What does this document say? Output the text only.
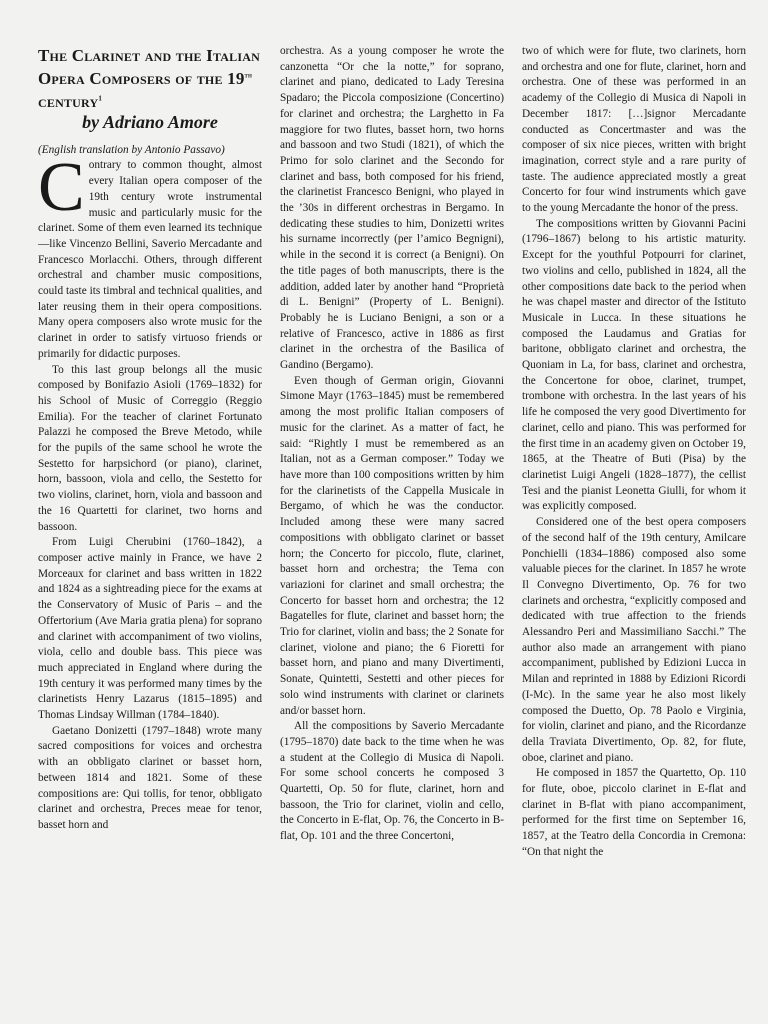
The Clarinet and the Italian
Opera Composers of the 19th
century$^1$
by Adriano Amore

(English translation by Antonio Passavo)

Contrary to common thought, almost every Italian opera composer of the 19th century wrote instrumental music and particularly music for the clarinet. Some of them even learned its technique—like Vincenzo Bellini, Saverio Mercadante and Francesco Morlacchi. Others, through different orchestral and chamber music compositions, could taste its timbral and technical qualities, and later reusing them in their opera compositions. Many opera composers also wrote music for the clarinet in order to satisfy virtuoso friends or primarily for didactic purposes.

To this last group belongs all the music composed by Bonifazio Asioli (1769–1832) for his School of Music of Correggio (Reggio Emilia). For the teacher of clarinet Fortunato Palazzi he composed the Breve Metodo, while for the pupils of the same school he wrote the Sestetto for harpsichord (or piano), clarinet, horn, bassoon, viola and cello, the Sestetto for two violins, clarinet, horn, viola and bassoon and the 16 Quartetti for clarinet, two horns and bassoon.

From Luigi Cherubini (1760–1842), a composer active mainly in France, we have 2 Morceaux for clarinet and bass written in 1822 and 1824 as a sightreading piece for the exams at the Conservatory of Music of Paris – and the Offertorium (Ave Maria gratia plena) for soprano and clarinet with accompaniment of two violins, viola, cello and double bass. This piece was much appreciated in England where during the 19th century it was performed many times by the clarinetists Henry Lazarus (1815–1895) and Thomas Lindsay Willman (1784–1840).

Gaetano Donizetti (1797–1848) wrote many sacred compositions for voices and orchestra with an obbligato clarinet or basset horn, between 1814 and 1821. Some of these compositions are: Qui tollis, for tenor, obbligato clarinet and orchestra, Preces meae for tenor, basset horn and

orchestra. As a young composer he wrote the canzonetta “Or che la notte,” for soprano, clarinet and piano, dedicated to Lady Teresina Spadaro; the Piccola composizione (Concertino) for clarinet and orchestra; the Larghetto in Fa maggiore for two flutes, basset horn, two horns and bassoon and two Studi (1821), of which the Primo for solo clarinet and the Secondo for clarinet and bass, both composed for his friend, the clarinetist Francesco Benigni, who played in the ’30s in different orchestras in Bergamo. In dedicating these studies to him, Donizetti writes his surname incorrectly (per l’amico Begnigni), while in the second it is correct (a Benigni). On the title pages of both manuscripts, there is the addition, added later by another hand “Proprietà di L. Benigni” (Property of L. Benigni). Probably he is Luciano Benigni, a son or a relative of Francesco, active in 1886 as first clarinet in the orchestra of the Basilica of Gandino (Bergamo).

Even though of German origin, Giovanni Simone Mayr (1763–1845) must be remembered among the most prolific Italian composers of music for the clarinet. As a matter of fact, he said: “Rightly I must be remembered as an Italian, not as a German composer.” Today we have more than 100 compositions written by him for the clarinetists of the Cappella Musicale in Bergamo, of which he was the conductor. Included among these were many sacred compositions with obbligato clarinet or basset horn; the Concerto for piccolo, flute, clarinet, basset horn and orchestra; the Tema con variazioni for clarinet and small orchestra; the Concerto for basset horn and orchestra; the 12 Bagatelles for flute, clarinet and basset horn; the Trio for clarinet, violin and bass; the 2 Sonate for clarinet, violone and piano; the 6 Fioretti for basset horn, and piano and many Divertimenti, Sonate, Quintetti, Sestetti and other pieces for solo wind instruments with clarinet or clarinets and/or basset horn.

All the compositions by Saverio Mercadante (1795–1870) date back to the time when he was a student at the Collegio di Musica di Napoli. For some school concerts he composed 3 Quartetti, Op. 50 for flute, clarinet, horn and bassoon, the Trio for clarinet, violin and cello, the Concerto in E-flat, Op. 76, the Concerto in B-flat, Op. 101 and the three Concertoni,

two of which were for flute, two clarinets, horn and orchestra and one for flute, clarinet, horn and orchestra. One of these was performed in an academy of the Collegio di Musica di Napoli in December 1817: […]signor Mercadante conducted as Concertmaster and was the composer of six nice pieces, written with bright imagination, correct style and a rare purity of taste. The audience appreciated mostly a great Concerto for four wind instruments which gave to the young Mercadante the honor of the press.

The compositions written by Giovanni Pacini (1796–1867) belong to his artistic maturity. Except for the youthful Potpourri for clarinet, two violins and cello, published in 1824, all the other compositions date back to the period when he was chapel master and director of the Istituto Musicale in Lucca. In these situations he composed the Laudamus and Gratias for baritone, obbligato clarinet and orchestra, the Quoniam in La, for bass, clarinet and orchestra, the Concertone for oboe, clarinet, trumpet, trombone with orchestra. In the last years of his life he composed the very good Divertimento for clarinet, cello and piano. This was performed for the first time in an academy given on October 19, 1865, at the Theatre of Buti (Pisa) by the clarinetist Luigi Angeli (1828–1877), the cellist Tesi and the pianist Leonetta Giulli, for whom it was explicitly composed.

Considered one of the best opera composers of the second half of the 19th century, Amilcare Ponchielli (1834–1886) composed also some valuable pieces for the clarinet. In 1857 he wrote Il Convegno Divertimento, Op. 76 for two clarinets and orchestra, “explicitly composed and dedicated with true affection to the friends Alessandro Peri and Massimiliano Sacchi.” The author also made an arrangement with piano accompaniment, published by Edizioni Lucca in Milan and reprinted in 1888 by Edizioni Ricordi (I-Mc). In the same year he also most likely composed the Duetto, Op. 78 Paolo e Virginia, for violin, clarinet and piano, and the Ricordanze della Traviata Divertimento, Op. 82, for flute, oboe, clarinet and piano.

He composed in 1857 the Quartetto, Op. 110 for flute, oboe, piccolo clarinet in E-flat and clarinet in B-flat with piano accompaniment, performed for the first time on September 16, 1857, at the Teatro della Concordia in Cremona: “On that night the
